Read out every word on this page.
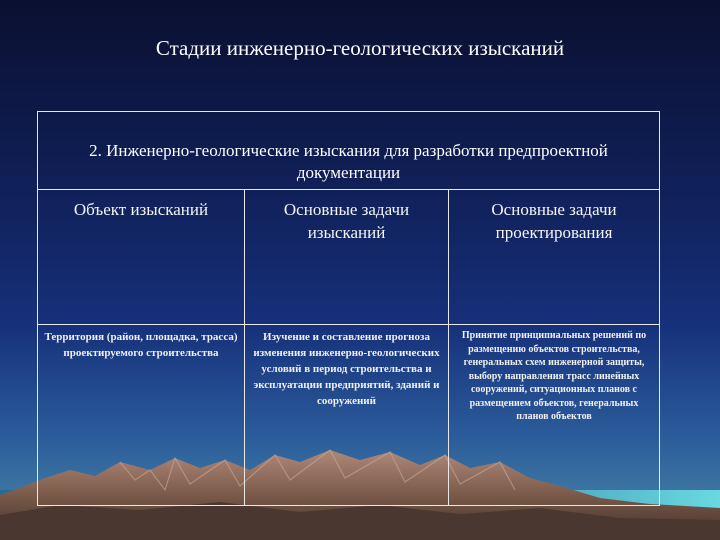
Стадии инженерно-геологических изысканий
2. Инженерно-геологические изыскания для разработки предпроектной документации
Объект изысканий	Основные задачи изысканий
Основные задачи проектирования
Территория (район, площадка, трасса) проектируемого строительства
Изучение и составление прогноза изменения инженерно-геологических условий в период строительства и эксплуатации предприятий, зданий и сооружений
Принятие принципиальных решений по размещению объектов строительства, генеральных схем инженерной защиты, выбору направления трасс линейных сооружений, ситуационных планов с размещением объектов, генеральных планов объектов
